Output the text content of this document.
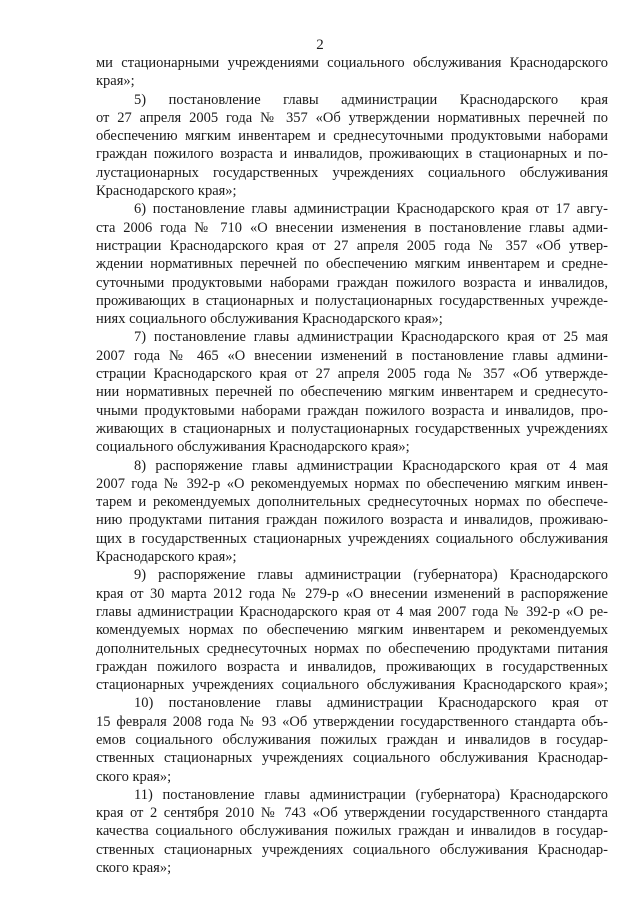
2
ми стационарными учреждениями социального обслуживания Краснодарского
края»;
5) постановление главы администрации Краснодарского края
от 27 апреля 2005 года № 357 «Об утверждении нормативных перечней по
обеспечению мягким инвентарем и среднесуточными продуктовыми наборами
граждан пожилого возраста и инвалидов, проживающих в стационарных и по-
лустационарных государственных учреждениях социального обслуживания
Краснодарского края»;
6) постановление главы администрации Краснодарского края от 17 авгу-
ста 2006 года № 710 «О внесении изменения в постановление главы адми-
нистрации Краснодарского края от 27 апреля 2005 года № 357 «Об утвер-
ждении нормативных перечней по обеспечению мягким инвентарем и средне-
суточными продуктовыми наборами граждан пожилого возраста и инвалидов,
проживающих в стационарных и полустационарных государственных учрежде-
ниях социального обслуживания Краснодарского края»;
7) постановление главы администрации Краснодарского края от 25 мая
2007 года № 465 «О внесении изменений в постановление главы админи-
страции Краснодарского края от 27 апреля 2005 года № 357 «Об утвержде-
нии нормативных перечней по обеспечению мягким инвентарем и среднесуто-
чными продуктовыми наборами граждан пожилого возраста и инвалидов, про-
живающих в стационарных и полустационарных государственных учреждениях
социального обслуживания Краснодарского края»;
8) распоряжение главы администрации Краснодарского края от 4 мая
2007 года № 392-р «О рекомендуемых нормах по обеспечению мягким инвен-
тарем и рекомендуемых дополнительных среднесуточных нормах по обеспече-
нию продуктами питания граждан пожилого возраста и инвалидов, проживаю-
щих в государственных стационарных учреждениях социального обслуживания
Краснодарского края»;
9) распоряжение главы администрации (губернатора) Краснодарского
края от 30 марта 2012 года № 279-р «О внесении изменений в распоряжение
главы администрации Краснодарского края от 4 мая 2007 года № 392-р «О ре-
комендуемых нормах по обеспечению мягким инвентарем и рекомендуемых
дополнительных среднесуточных нормах по обеспечению продуктами питания
граждан пожилого возраста и инвалидов, проживающих в государственных
стационарных учреждениях социального обслуживания Краснодарского края»;
10) постановление главы администрации Краснодарского края от
15 февраля 2008 года № 93 «Об утверждении государственного стандарта объ-
емов социального обслуживания пожилых граждан и инвалидов в государ-
ственных стационарных учреждениях социального обслуживания Краснодар-
ского края»;
11) постановление главы администрации (губернатора) Краснодарского
края от 2 сентября 2010 № 743 «Об утверждении государственного стандарта
качества социального обслуживания пожилых граждан и инвалидов в государ-
ственных стационарных учреждениях социального обслуживания Краснодар-
ского края»;
